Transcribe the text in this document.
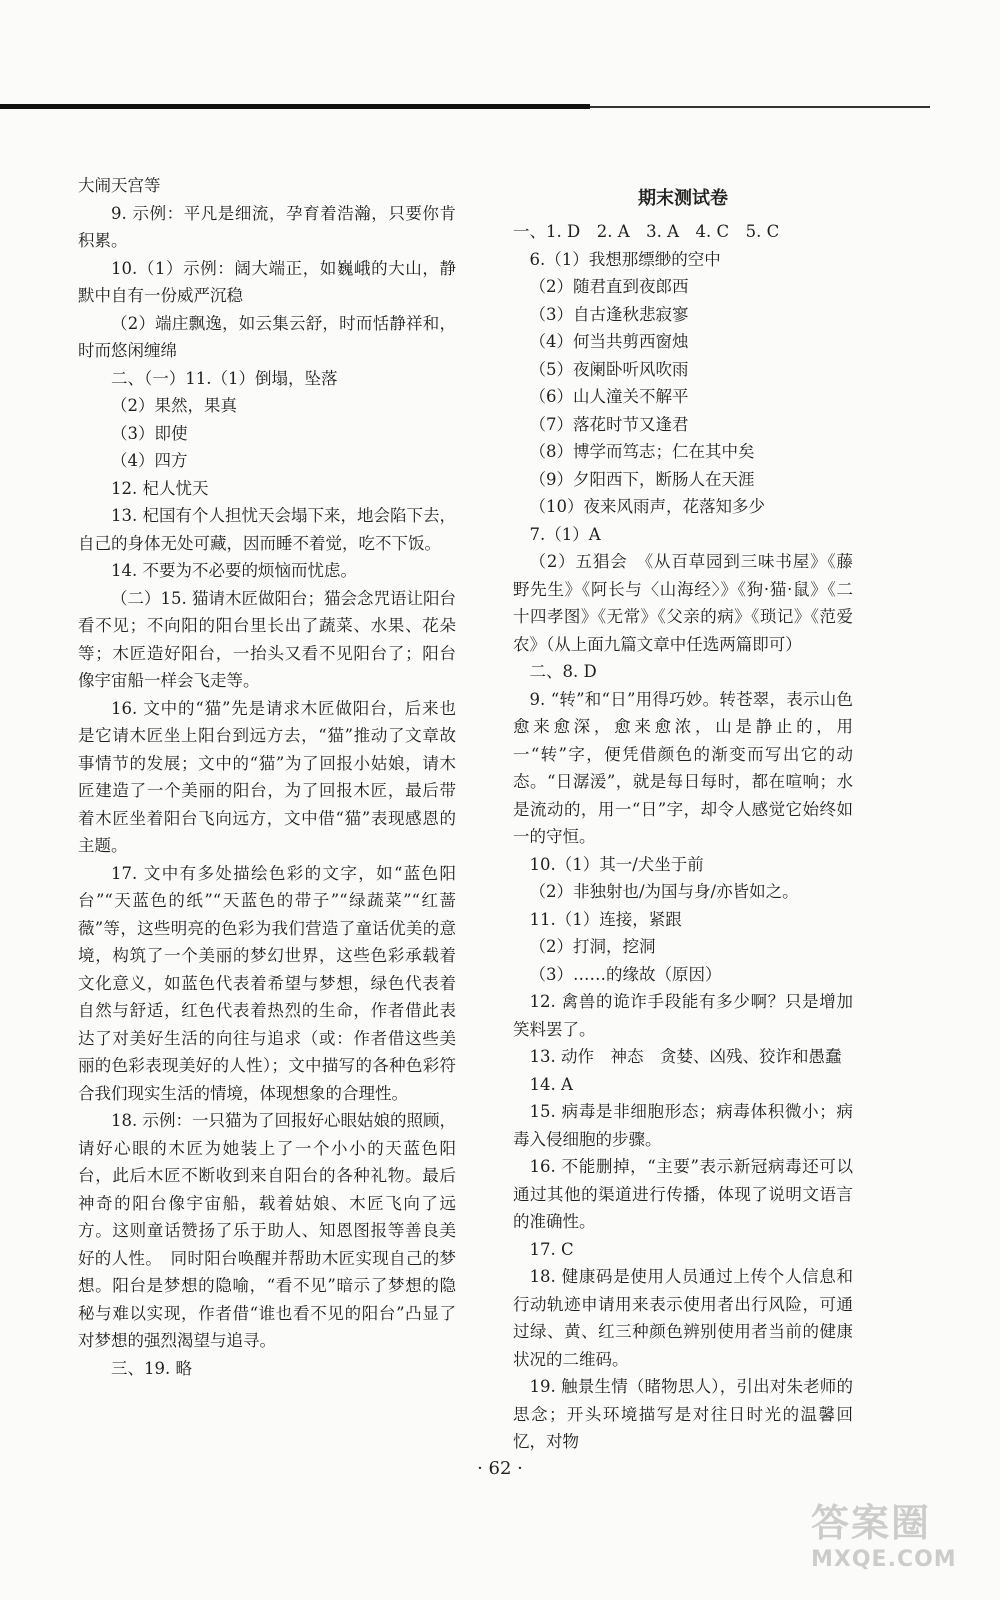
大闹天宫等

9. 示例：平凡是细流，孕育着浩瀚，只要你肯积累。

10.（1）示例：阔大端正，如巍峨的大山，静默中自有一份威严沉稳

（2）端庄飘逸，如云集云舒，时而恬静祥和，时而悠闲缠绵

二、（一）11.（1）倒塌，坠落

（2）果然，果真

（3）即使

（4）四方

12. 杞人忧天

13. 杞国有个人担忧天会塌下来，地会陷下去，自己的身体无处可藏，因而睡不着觉，吃不下饭。

14. 不要为不必要的烦恼而忧虑。

（二）15. 猫请木匠做阳台；猫会念咒语让阳台看不见；不向阳的阳台里长出了蔬菜、水果、花朵等；木匠造好阳台，一抬头又看不见阳台了；阳台像宇宙船一样会飞走等。

16. 文中的“猫”先是请求木匠做阳台，后来也是它请木匠坐上阳台到远方去，“猫”推动了文章故事情节的发展；文中的“猫”为了回报小姑娘，请木匠建造了一个美丽的阳台，为了回报木匠，最后带着木匠坐着阳台飞向远方，文中借“猫”表现感恩的主题。

17. 文中有多处描绘色彩的文字，如“蓝色阳台”“天蓝色的纸”“天蓝色的带子”“绿蔬菜”“红蔷薇”等，这些明亮的色彩为我们营造了童话优美的意境，构筑了一个美丽的梦幻世界，这些色彩承载着文化意义，如蓝色代表着希望与梦想，绿色代表着自然与舒适，红色代表着热烈的生命，作者借此表达了对美好生活的向往与追求（或：作者借这些美丽的色彩表现美好的人性）；文中描写的各种色彩符合我们现实生活的情境，体现想象的合理性。

18. 示例：一只猫为了回报好心眼姑娘的照顾，请好心眼的木匠为她装上了一个小小的天蓝色阳台，此后木匠不断收到来自阳台的各种礼物。最后神奇的阳台像宇宙船，载着姑娘、木匠飞向了远方。这则童话赞扬了乐于助人、知恩图报等善良美好的人性。　同时阳台唤醒并帮助木匠实现自己的梦想。阳台是梦想的隐喻，“看不见”暗示了梦想的隐秘与难以实现，作者借“谁也看不见的阳台”凸显了对梦想的强烈渴望与追寻。

三、19. 略

期末测试卷

一、1. D　2. A　3. A　4. C　5. C

6.（1）我想那缥缈的空中

（2）随君直到夜郎西

（3）自古逢秋悲寂寥

（4）何当共剪西窗烛

（5）夜阑卧听风吹雨

（6）山人潼关不解平

（7）落花时节又逢君

（8）博学而笃志；仁在其中矣

（9）夕阳西下，断肠人在天涯

（10）夜来风雨声，花落知多少

7.（1）A

（2）五猖会　《从百草园到三味书屋》《藤野先生》《阿长与〈山海经〉》《狗·猫·鼠》《二十四孝图》《无常》《父亲的病》《琐记》《范爱农》（从上面九篇文章中任选两篇即可）

二、8. D

9. “转”和“日”用得巧妙。转苍翠，表示山色愈来愈深，愈来愈浓，山是静止的，用一“转”字，便凭借颜色的渐变而写出它的动态。“日潺湲”，就是每日每时，都在喧响；水是流动的，用一“日”字，却令人感觉它始终如一的守恒。

10.（1）其一/犬坐于前

（2）非独射也/为国与身/亦皆如之。

11.（1）连接，紧跟

（2）打洞，挖洞

（3）……的缘故（原因）

12. 禽兽的诡诈手段能有多少啊？只是增加笑料罢了。

13. 动作　神态　贪婪、凶残、狡诈和愚蠢

14. A

15. 病毒是非细胞形态；病毒体积微小；病毒入侵细胞的步骤。

16. 不能删掉，“主要”表示新冠病毒还可以通过其他的渠道进行传播，体现了说明文语言的准确性。

17. C

18. 健康码是使用人员通过上传个人信息和行动轨迹申请用来表示使用者出行风险，可通过绿、黄、红三种颜色辨别使用者当前的健康状况的二维码。

19. 触景生情（睹物思人），引出对朱老师的思念；开头环境描写是对往日时光的温馨回忆，对物

· 62 ·
答案圈
MXQE.COM
